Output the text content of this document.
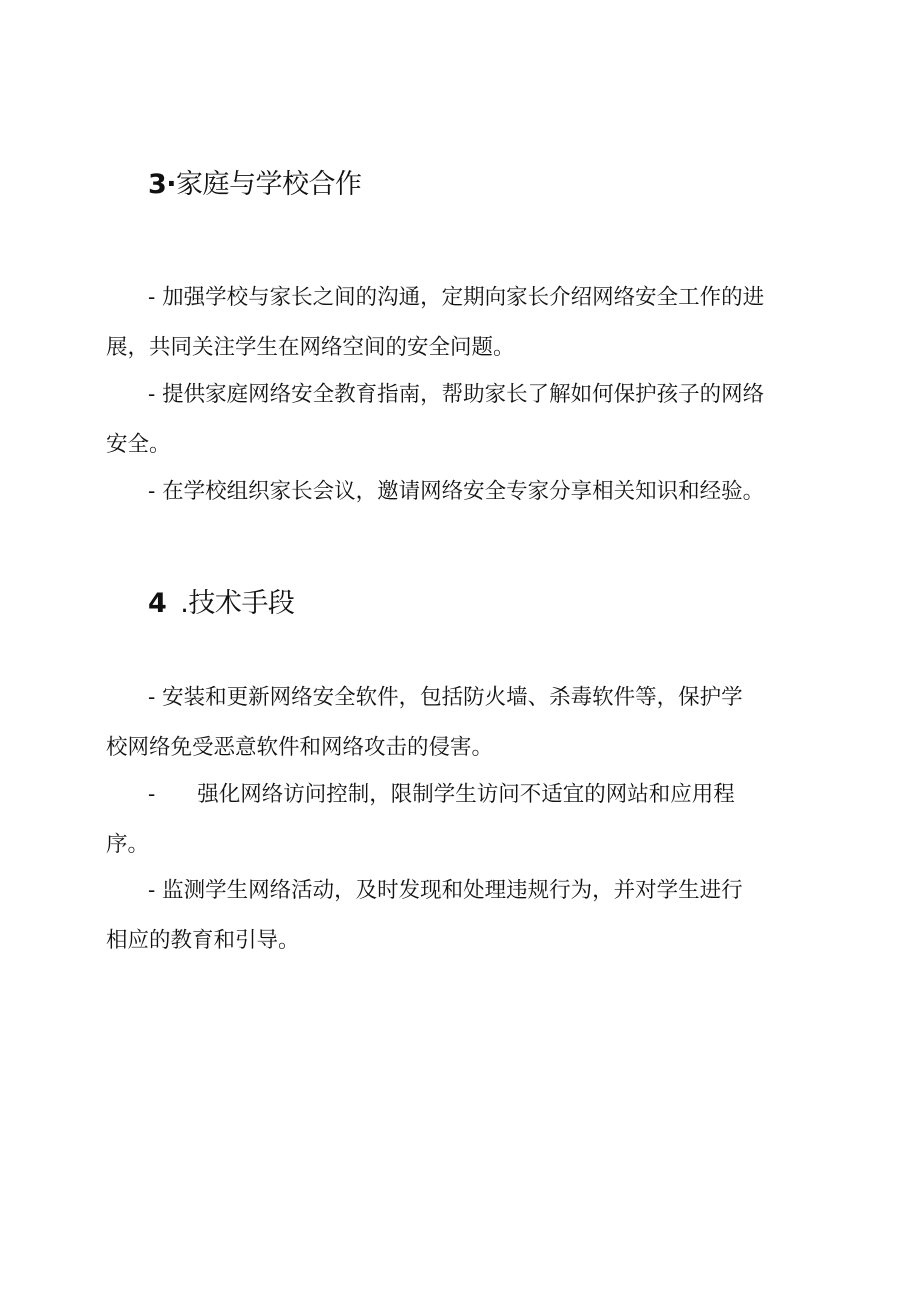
3·家庭与学校合作

- 加强学校与家长之间的沟通，定期向家长介绍网络安全工作的进
展，共同关注学生在网络空间的安全问题。

- 提供家庭网络安全教育指南，帮助家长了解如何保护孩子的网络
安全。

- 在学校组织家长会议，邀请网络安全专家分享相关知识和经验。

4 .技术手段

- 安装和更新网络安全软件，包括防火墙、杀毒软件等，保护学
校网络免受恶意软件和网络攻击的侵害。

- 强化网络访问控制，限制学生访问不适宜的网站和应用程
序。

- 监测学生网络活动，及时发现和处理违规行为，并对学生进行
相应的教育和引导。
